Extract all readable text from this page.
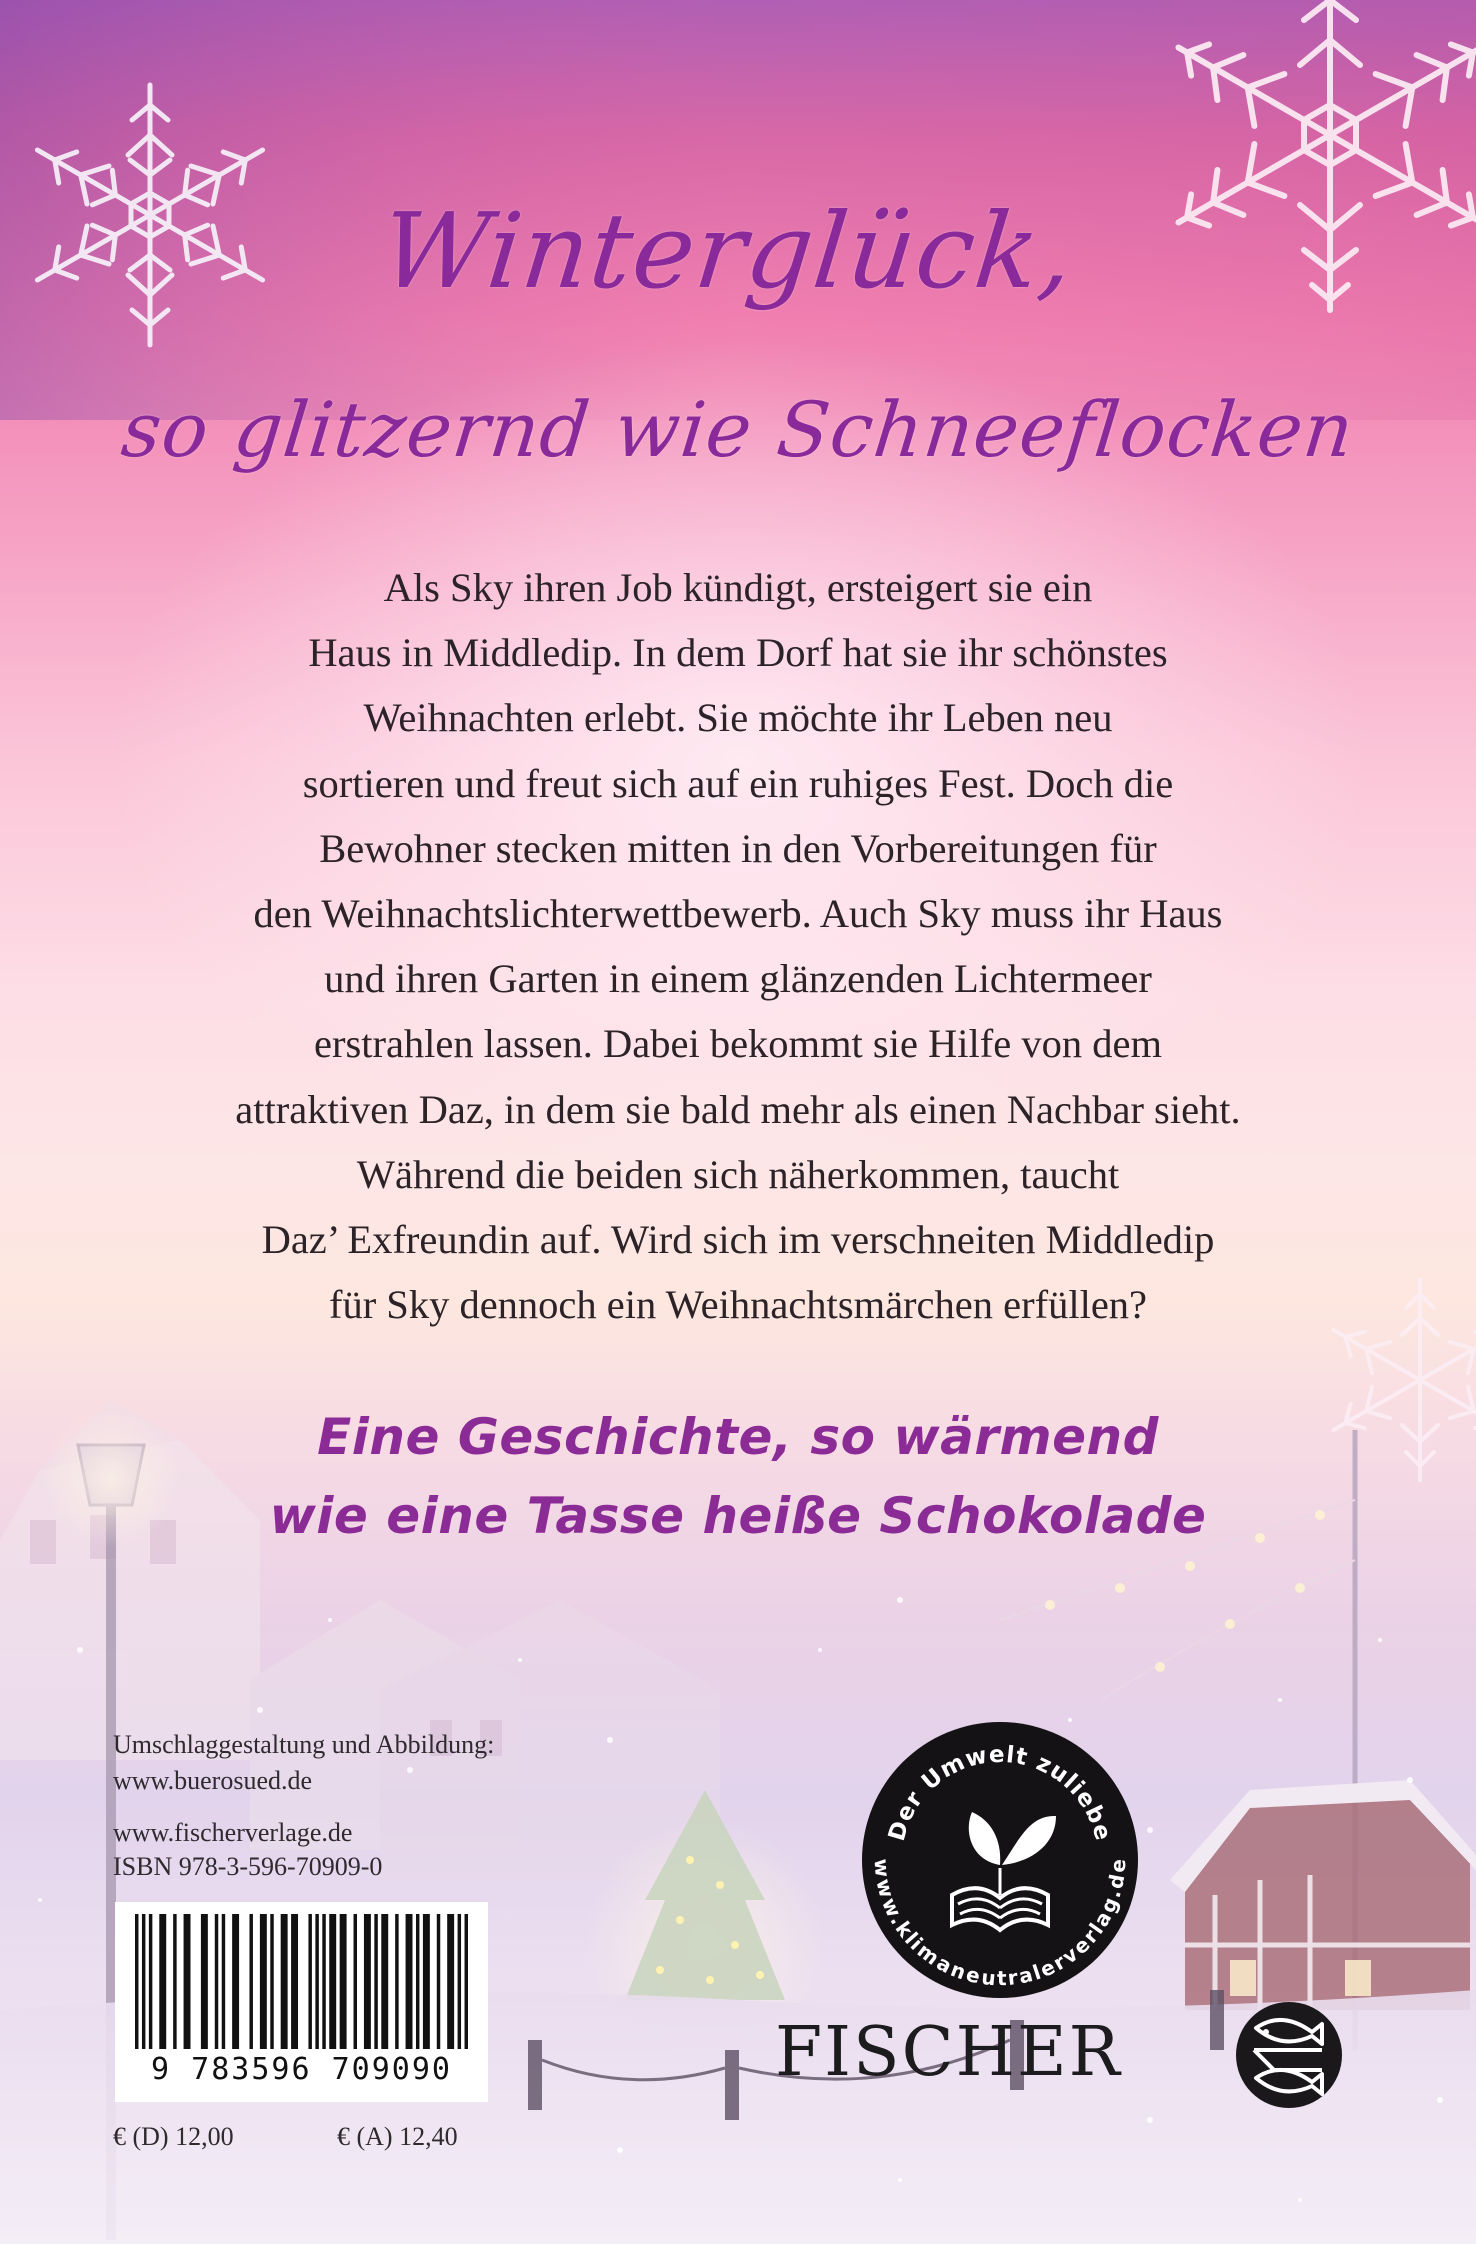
Winterglück,
so glitzernd wie Schneeflocken
Als Sky ihren Job kündigt, ersteigert sie ein
Haus in Middledip. In dem Dorf hat sie ihr schönstes
Weihnachten erlebt. Sie möchte ihr Leben neu
sortieren und freut sich auf ein ruhiges Fest. Doch die
Bewohner stecken mitten in den Vorbereitungen für
den Weihnachtslichterwettbewerb. Auch Sky muss ihr Haus
und ihren Garten in einem glänzenden Lichtermeer
erstrahlen lassen. Dabei bekommt sie Hilfe von dem
attraktiven Daz, in dem sie bald mehr als einen Nachbar sieht.
Während die beiden sich näherkommen, taucht
Daz’ Exfreundin auf. Wird sich im verschneiten Middledip
für Sky dennoch ein Weihnachtsmärchen erfüllen?
Eine Geschichte, so wärmend
wie eine Tasse heiße Schokolade
Umschlaggestaltung und Abbildung:
www.buerosued.de
www.fischerverlage.de
ISBN 978-3-596-70909-0
9 783596 709090
€ (D) 12,00	€ (A) 12,40
Der Umwelt zuliebe
www.klimaneutralerverlag.de
FISCHER
